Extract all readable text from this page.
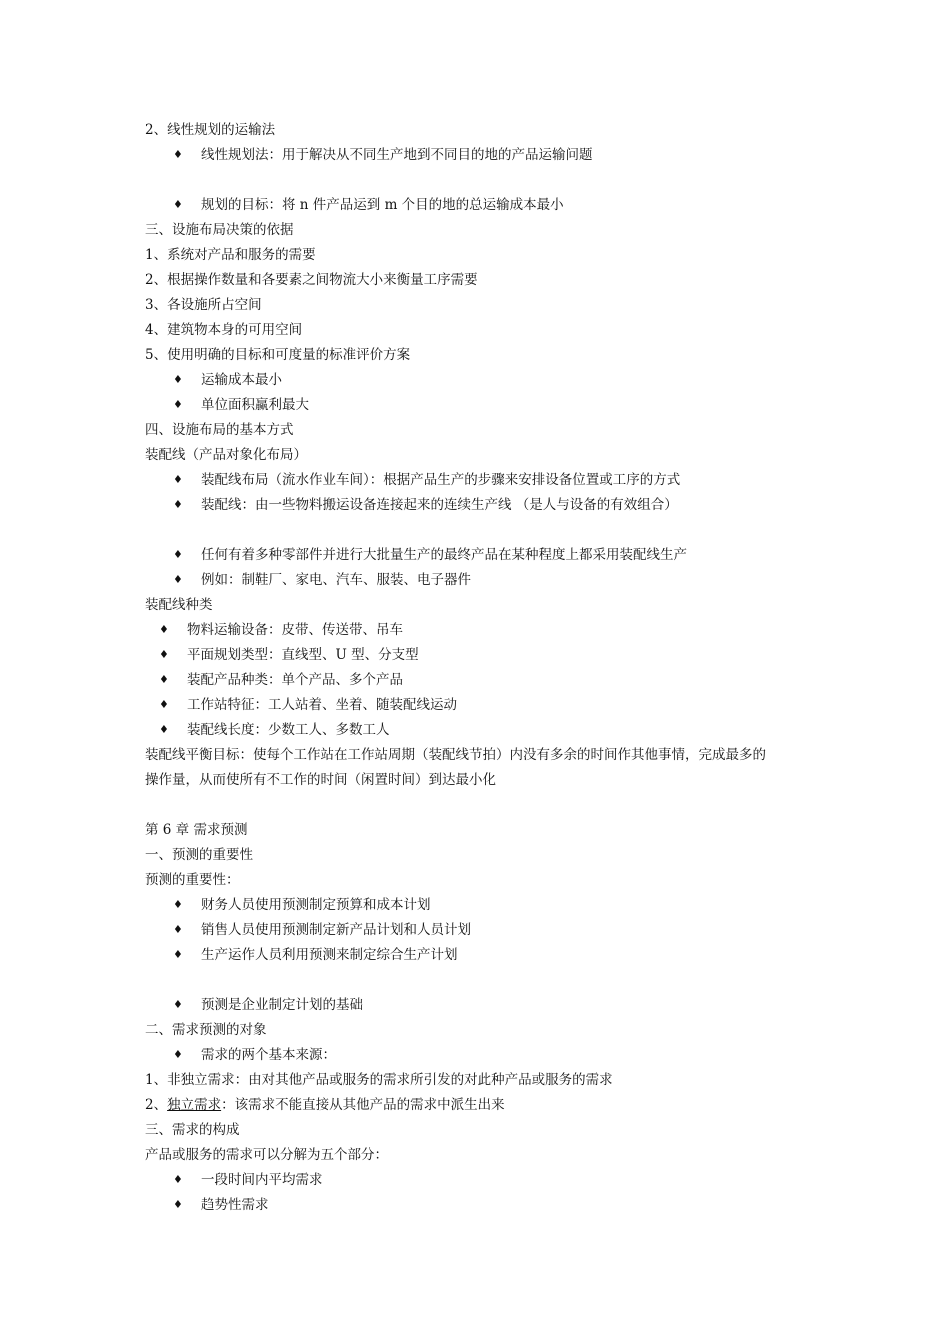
2、线性规划的运输法
♦ 线性规划法：用于解决从不同生产地到不同目的地的产品运输问题
♦ 规划的目标：将 n 件产品运到 m 个目的地的总运输成本最小
三、设施布局决策的依据
1、系统对产品和服务的需要
2、根据操作数量和各要素之间物流大小来衡量工序需要
3、各设施所占空间
4、建筑物本身的可用空间
5、使用明确的目标和可度量的标准评价方案
♦ 运输成本最小
♦ 单位面积赢利最大
四、设施布局的基本方式
装配线（产品对象化布局）
♦ 装配线布局（流水作业车间）：根据产品生产的步骤来安排设备位置或工序的方式
♦ 装配线：由一些物料搬运设备连接起来的连续生产线 （是人与设备的有效组合）
♦ 任何有着多种零部件并进行大批量生产的最终产品在某种程度上都采用装配线生产
♦ 例如：制鞋厂、家电、汽车、服装、电子器件
装配线种类
♦ 物料运输设备：皮带、传送带、吊车
♦ 平面规划类型：直线型、U 型、分支型
♦ 装配产品种类：单个产品、多个产品
♦ 工作站特征：工人站着、坐着、随装配线运动
♦ 装配线长度：少数工人、多数工人
装配线平衡目标：使每个工作站在工作站周期（装配线节拍）内没有多余的时间作其他事情，完成最多的
操作量，从而使所有不工作的时间（闲置时间）到达最小化
第 6 章 需求预测
一、预测的重要性
预测的重要性：
♦ 财务人员使用预测制定预算和成本计划
♦ 销售人员使用预测制定新产品计划和人员计划
♦ 生产运作人员利用预测来制定综合生产计划
♦ 预测是企业制定计划的基础
二、需求预测的对象
♦ 需求的两个基本来源：
1、非独立需求：由对其他产品或服务的需求所引发的对此种产品或服务的需求
2、独立需求：该需求不能直接从其他产品的需求中派生出来
三、需求的构成
产品或服务的需求可以分解为五个部分：
♦ 一段时间内平均需求
♦ 趋势性需求
